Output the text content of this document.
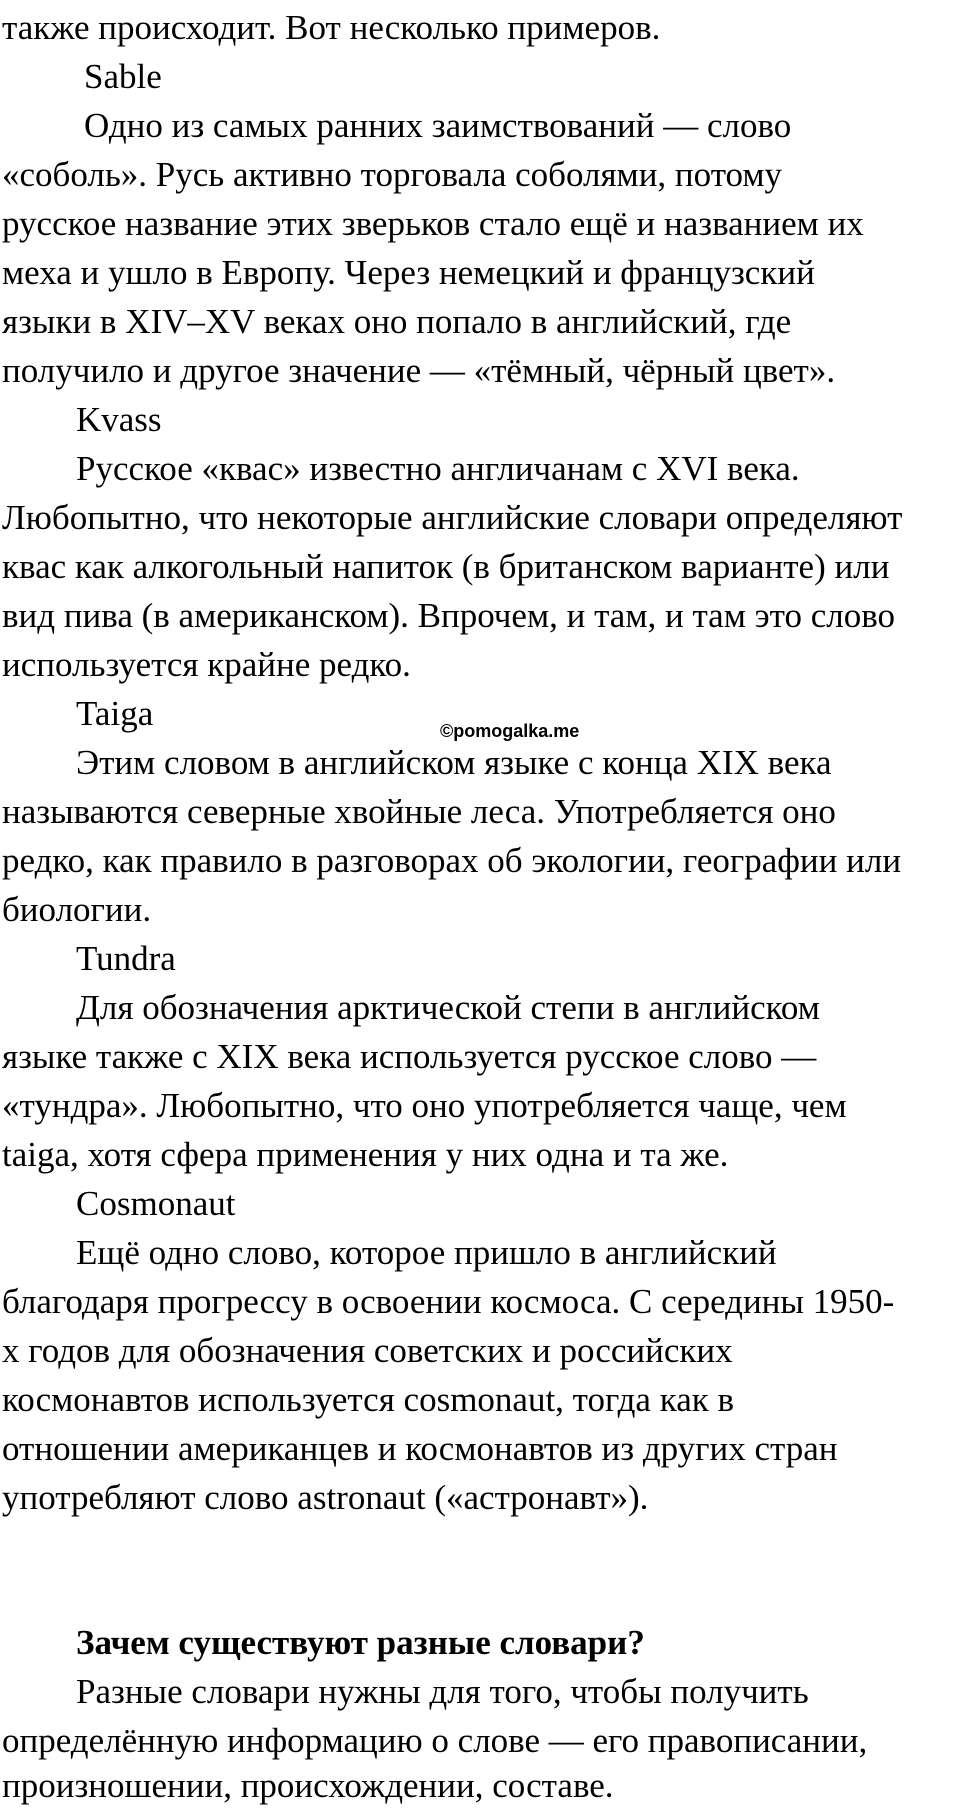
также происходит. Вот несколько примеров.
Sable
Одно из самых ранних заимствований — слово
«соболь». Русь активно торговала соболями, потому
русское название этих зверьков стало ещё и названием их
меха и ушло в Европу. Через немецкий и французский
языки в XIV–XV веках оно попало в английский, где
получило и другое значение — «тёмный, чёрный цвет».
Kvass
Русское «квас» известно англичанам с XVI века.
Любопытно, что некоторые английские словари определяют
квас как алкогольный напиток (в британском варианте) или
вид пива (в американском). Впрочем, и там, и там это слово
используется крайне редко.
Taiga	©pomogalka.me
Этим словом в английском языке с конца XIX века
называются северные хвойные леса. Употребляется оно
редко, как правило в разговорах об экологии, географии или
биологии.
Tundra
Для обозначения арктической степи в английском
языке также с XIX века используется русское слово —
«тундра». Любопытно, что оно употребляется чаще, чем
taiga, хотя сфера применения у них одна и та же.
Cosmonaut
Ещё одно слово, которое пришло в английский
благодаря прогрессу в освоении космоса. С середины 1950-
х годов для обозначения советских и российских
космонавтов используется cosmonaut, тогда как в
отношении американцев и космонавтов из других стран
употребляют слово astronaut («астронавт»).
Зачем существуют разные словари?
Разные словари нужны для того, чтобы получить
определённую информацию о слове — его правописании,
произношении, происхождении, составе.
